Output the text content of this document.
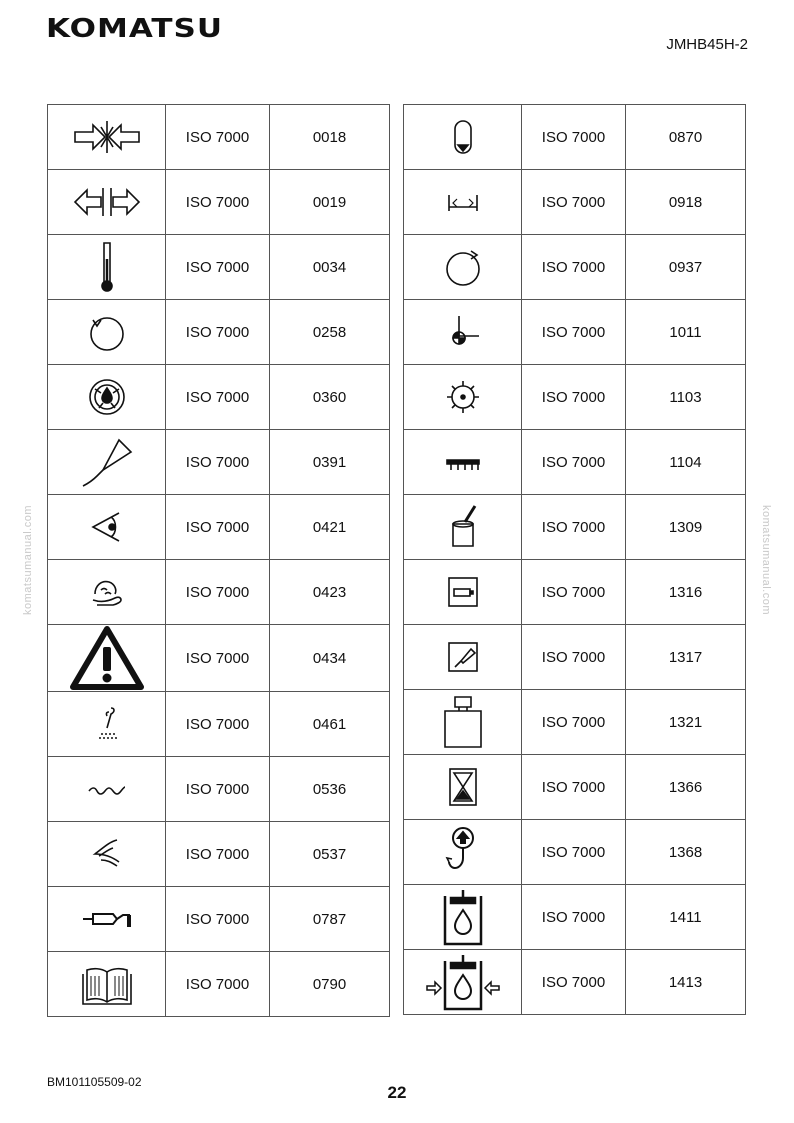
KOMATSU
JMHB45H-2
komatsumanual.com	komatsumanual.com
	ISO 7000	0018

	ISO 7000	0019

	ISO 7000	0034

	ISO 7000	0258

	ISO 7000	0360

	ISO 7000	0391

	ISO 7000	0421

	ISO 7000	0423

	ISO 7000	0434

	ISO 7000	0461

	ISO 7000	0536

	ISO 7000	0537

	ISO 7000	0787

	ISO 7000	0790
	ISO 7000	0870

	ISO 7000	0918

	ISO 7000	0937

	ISO 7000	1011

	ISO 7000	1103

	ISO 7000	1104

	ISO 7000	1309

	ISO 7000	1316

	ISO 7000	1317

	ISO 7000	1321

	ISO 7000	1366

	ISO 7000	1368

	ISO 7000	1411

	ISO 7000	1413
BM101105509-02
22
